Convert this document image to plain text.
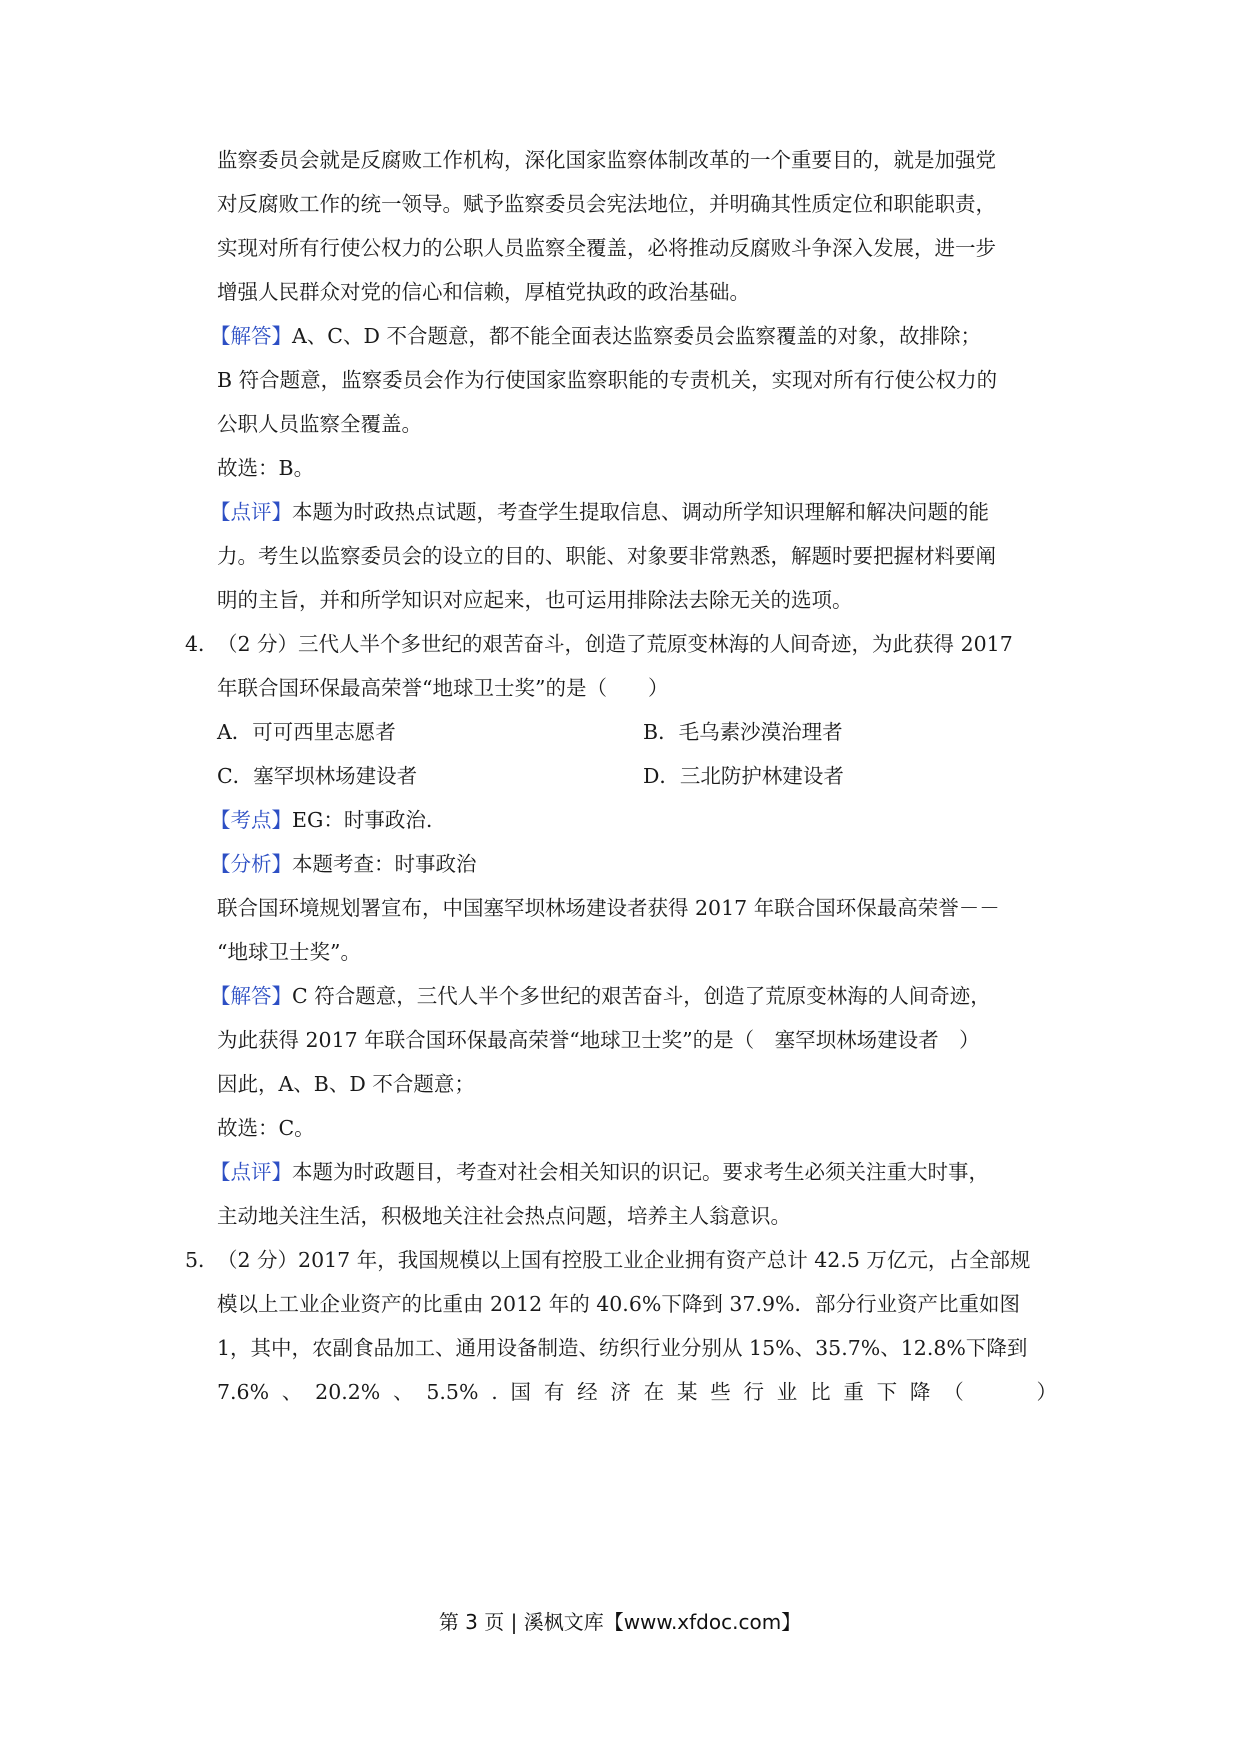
监察委员会就是反腐败工作机构，深化国家监察体制改革的一个重要目的，就是加强党
对反腐败工作的统一领导。赋予监察委员会宪法地位，并明确其性质定位和职能职责，
实现对所有行使公权力的公职人员监察全覆盖，必将推动反腐败斗争深入发展，进一步
增强人民群众对党的信心和信赖，厚植党执政的政治基础。
【解答】A、C、D 不合题意，都不能全面表达监察委员会监察覆盖的对象，故排除；
B 符合题意，监察委员会作为行使国家监察职能的专责机关，实现对所有行使公权力的
公职人员监察全覆盖。
故选：B。
【点评】本题为时政热点试题，考查学生提取信息、调动所学知识理解和解决问题的能
力。考生以监察委员会的设立的目的、职能、对象要非常熟悉，解题时要把握材料要阐
明的主旨，并和所学知识对应起来，也可运用排除法去除无关的选项。
4．
（2 分）三代人半个多世纪的艰苦奋斗，创造了荒原变林海的人间奇迹，为此获得 2017
年联合国环保最高荣誉“地球卫士奖”的是（　　）
A．可可西里志愿者	B．毛乌素沙漠治理者
C．塞罕坝林场建设者	D．三北防护林建设者
【考点】EG：时事政治.
【分析】本题考查：时事政治
联合国环境规划署宣布，中国塞罕坝林场建设者获得 2017 年联合国环保最高荣誉－－
“地球卫士奖”。
【解答】C 符合题意，三代人半个多世纪的艰苦奋斗，创造了荒原变林海的人间奇迹，
为此获得 2017 年联合国环保最高荣誉“地球卫士奖”的是（　塞罕坝林场建设者　）
因此，A、B、D 不合题意；
故选：C。
【点评】本题为时政题目，考查对社会相关知识的识记。要求考生必须关注重大时事，
主动地关注生活，积极地关注社会热点问题，培养主人翁意识。
5．
（2 分）2017 年，我国规模以上国有控股工业企业拥有资产总计 42.5 万亿元，占全部规
模以上工业企业资产的比重由 2012 年的 40.6%下降到 37.9%．部分行业资产比重如图
1，其中，农副食品加工、通用设备制造、纺织行业分别从 15%、35.7%、12.8%下降到
7.6% 、 20.2% 、 5.5% . 国 有 经 济 在 某 些 行 业 比 重 下 降 （	）
第 3 页 | 溪枫文库【www.xfdoc.com】
